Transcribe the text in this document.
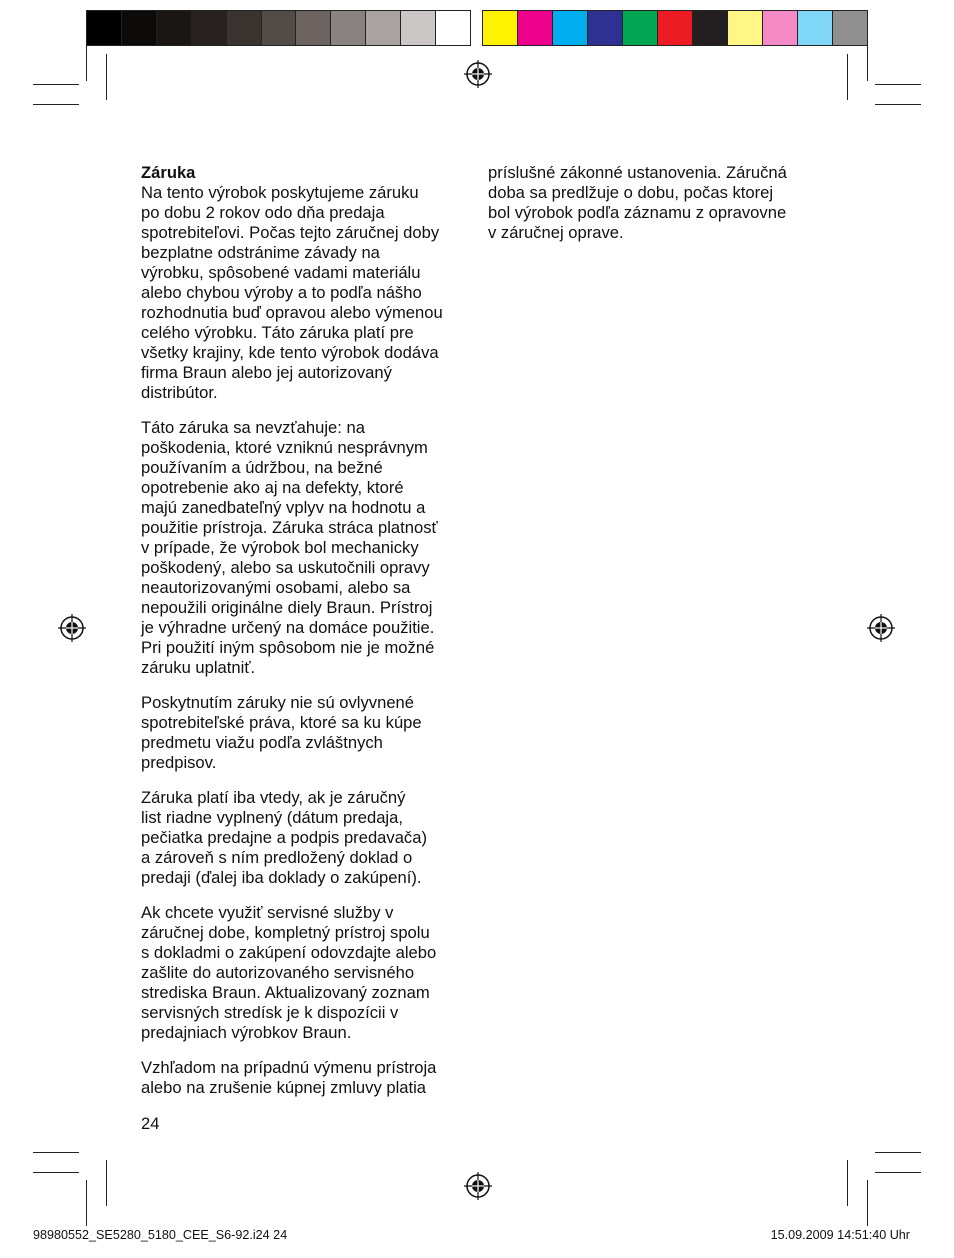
Záruka

Na tento výrobok poskytujeme záruku
po dobu 2 rokov odo dňa predaja
spotrebiteľovi. Počas tejto záručnej doby
bezplatne odstránime závady na
výrobku, spôsobené vadami materiálu
alebo chybou výroby a to podľa nášho
rozhodnutia buď opravou alebo výmenou
celého výrobku. Táto záruka platí pre
všetky krajiny, kde tento výrobok dodáva
firma Braun alebo jej autorizovaný
distribútor.

Táto záruka sa nevzťahuje: na
poškodenia, ktoré vzniknú nesprávnym
používaním a údržbou, na bežné
opotrebenie ako aj na defekty, ktoré
majú zanedbateľný vplyv na hodnotu a
použitie prístroja. Záruka stráca platnosť
v prípade, že výrobok bol mechanicky
poškodený, alebo sa uskutočnili opravy
neautorizovanými osobami, alebo sa
nepoužili originálne diely Braun. Prístroj
je výhradne určený na domáce použitie.
Pri použití iným spôsobom nie je možné
záruku uplatniť.

Poskytnutím záruky nie sú ovlyvnené
spotrebiteľské práva, ktoré sa ku kúpe
predmetu viažu podľa zvláštnych
predpisov.

Záruka platí iba vtedy, ak je záručný
list riadne vyplnený (dátum predaja,
pečiatka predajne a podpis predavača)
a zároveň s ním predložený doklad o
predaji (ďalej iba doklady o zakúpení).

Ak chcete využiť servisné služby v
záručnej dobe, kompletný prístroj spolu
s dokladmi o zakúpení odovzdajte alebo
zašlite do autorizovaného servisného
strediska Braun. Aktualizovaný zoznam
servisných stredísk je k dispozícii v
predajniach výrobkov Braun.

Vzhľadom na prípadnú výmenu prístroja
alebo na zrušenie kúpnej zmluvy platia

príslušné zákonné ustanovenia. Záručná
doba sa predlžuje o dobu, počas ktorej
bol výrobok podľa záznamu z opravovne
v záručnej oprave.

24
98980552_SE5280_5180_CEE_S6-92.i24 24	15.09.2009 14:51:40 Uhr
